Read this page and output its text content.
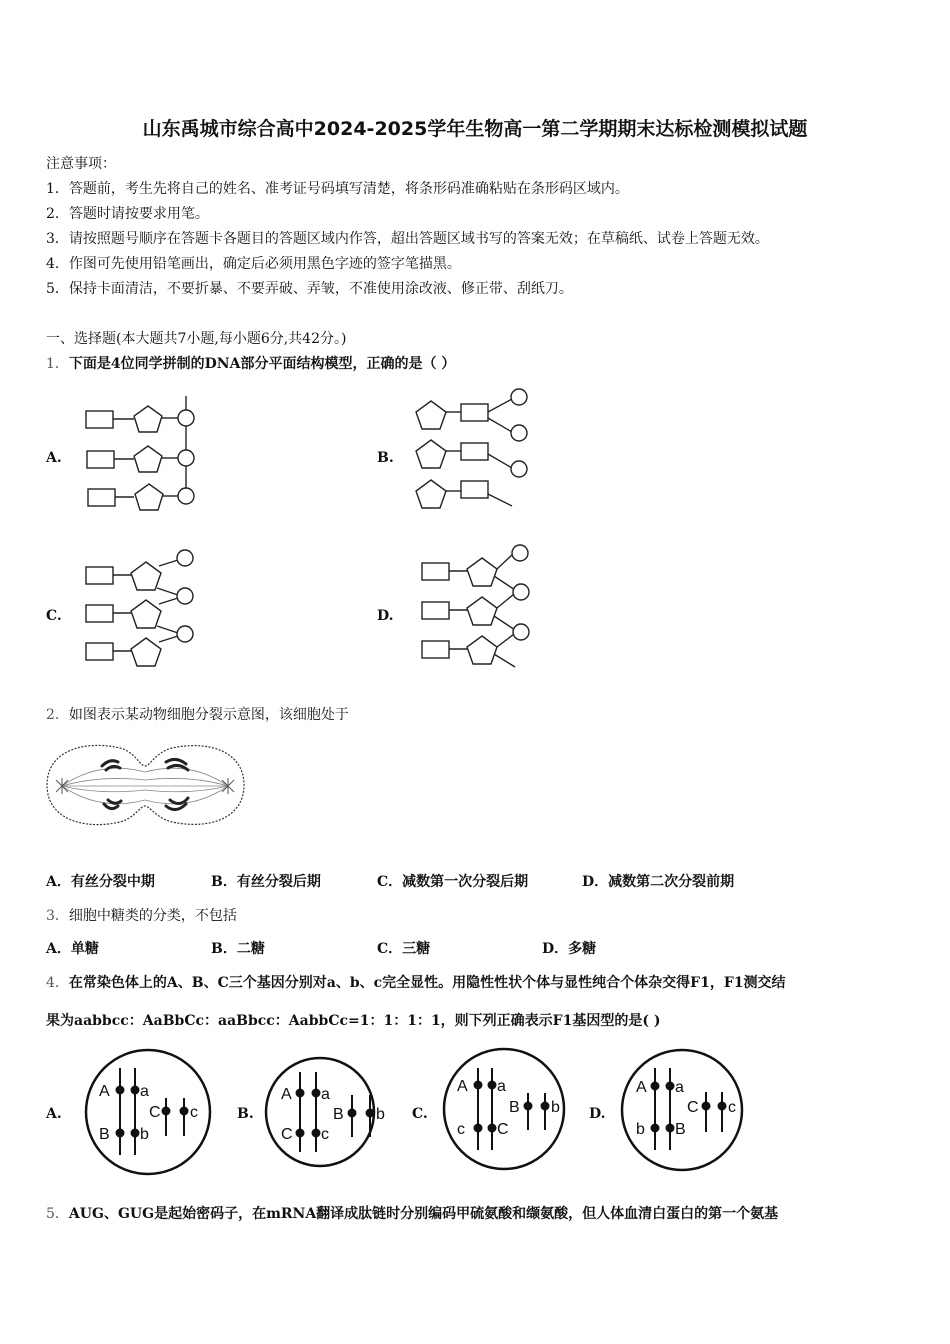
山东禹城市综合高中2024-2025学年生物高一第二学期期末达标检测模拟试题
注意事项：
1．答题前，考生先将自己的姓名、准考证号码填写清楚，将条形码准确粘贴在条形码区域内。
2．答题时请按要求用笔。
3．请按照题号顺序在答题卡各题目的答题区域内作答，超出答题区域书写的答案无效；在草稿纸、试卷上答题无效。
4．作图可先使用铅笔画出，确定后必须用黑色字迹的签字笔描黑。
5．保持卡面清洁，不要折暴、不要弄破、弄皱，不准使用涂改液、修正带、刮纸刀。
一、选择题(本大题共7小题,每小题6分,共42分。)
1．下面是4位同学拼制的DNA部分平面结构模型，正确的是（ ）
A.	B.
C.	D.
2．如图表示某动物细胞分裂示意图，该细胞处于
A．有丝分裂中期	B．有丝分裂后期	C．减数第一次分裂后期	D．减数第二次分裂前期
3．细胞中糖类的分类，不包括
A．单糖	B．二糖	C．三糖	D．多糖
4．在常染色体上的A、B、C三个基因分别对a、b、c完全显性。用隐性性状个体与显性纯合个体杂交得F1，F1测交结
果为aabbcc：AaBbCc：aaBbcc：AabbCc=1：1：1：1，则下列正确表示F1基因型的是( )
A.	B.	C.	D.
A a
B b
C c
A a
C c
B b
A a
c C
B b
A a
b B
C c
5．AUG、GUG是起始密码子，在mRNA翻译成肽链时分别编码甲硫氨酸和缬氨酸，但人体血清白蛋白的第一个氨基
